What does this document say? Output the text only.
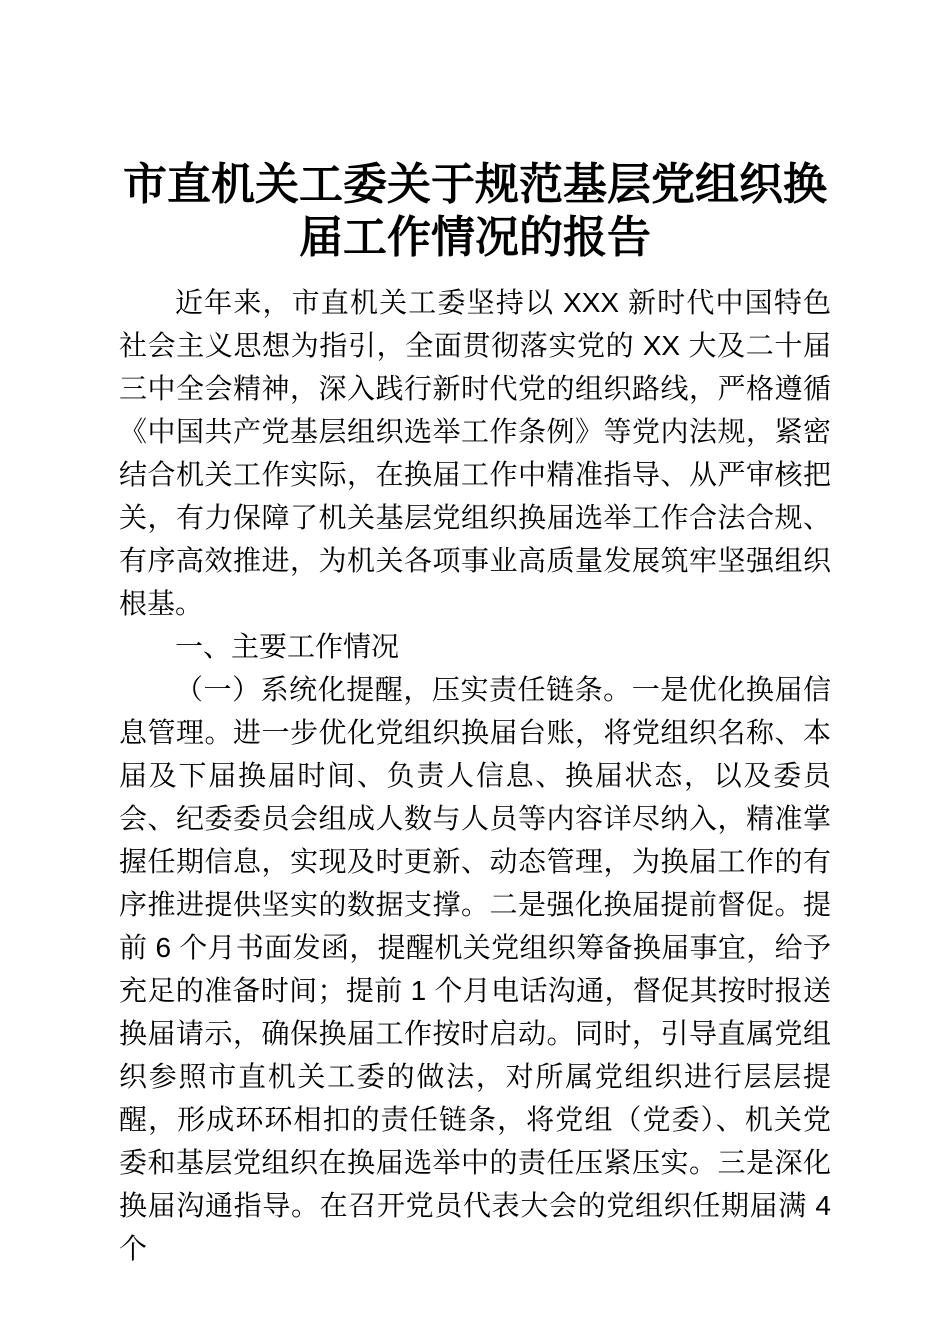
市直机关工委关于规范基层党组织换届工作情况的报告

近年来，市直机关工委坚持以 XXX 新时代中国特色社会主义思想为指引，全面贯彻落实党的 XX 大及二十届三中全会精神，深入践行新时代党的组织路线，严格遵循《中国共产党基层组织选举工作条例》等党内法规，紧密结合机关工作实际，在换届工作中精准指导、从严审核把关，有力保障了机关基层党组织换届选举工作合法合规、有序高效推进，为机关各项事业高质量发展筑牢坚强组织根基。

一、主要工作情况

（一）系统化提醒，压实责任链条。一是优化换届信息管理。进一步优化党组织换届台账，将党组织名称、本届及下届换届时间、负责人信息、换届状态，以及委员会、纪委委员会组成人数与人员等内容详尽纳入，精准掌握任期信息，实现及时更新、动态管理，为换届工作的有序推进提供坚实的数据支撑。二是强化换届提前督促。提前 6 个月书面发函，提醒机关党组织筹备换届事宜，给予充足的准备时间；提前 1 个月电话沟通，督促其按时报送换届请示，确保换届工作按时启动。同时，引导直属党组织参照市直机关工委的做法，对所属党组织进行层层提醒，形成环环相扣的责任链条，将党组（党委）、机关党委和基层党组织在换届选举中的责任压紧压实。三是深化换届沟通指导。在召开党员代表大会的党组织任期届满 4 个
